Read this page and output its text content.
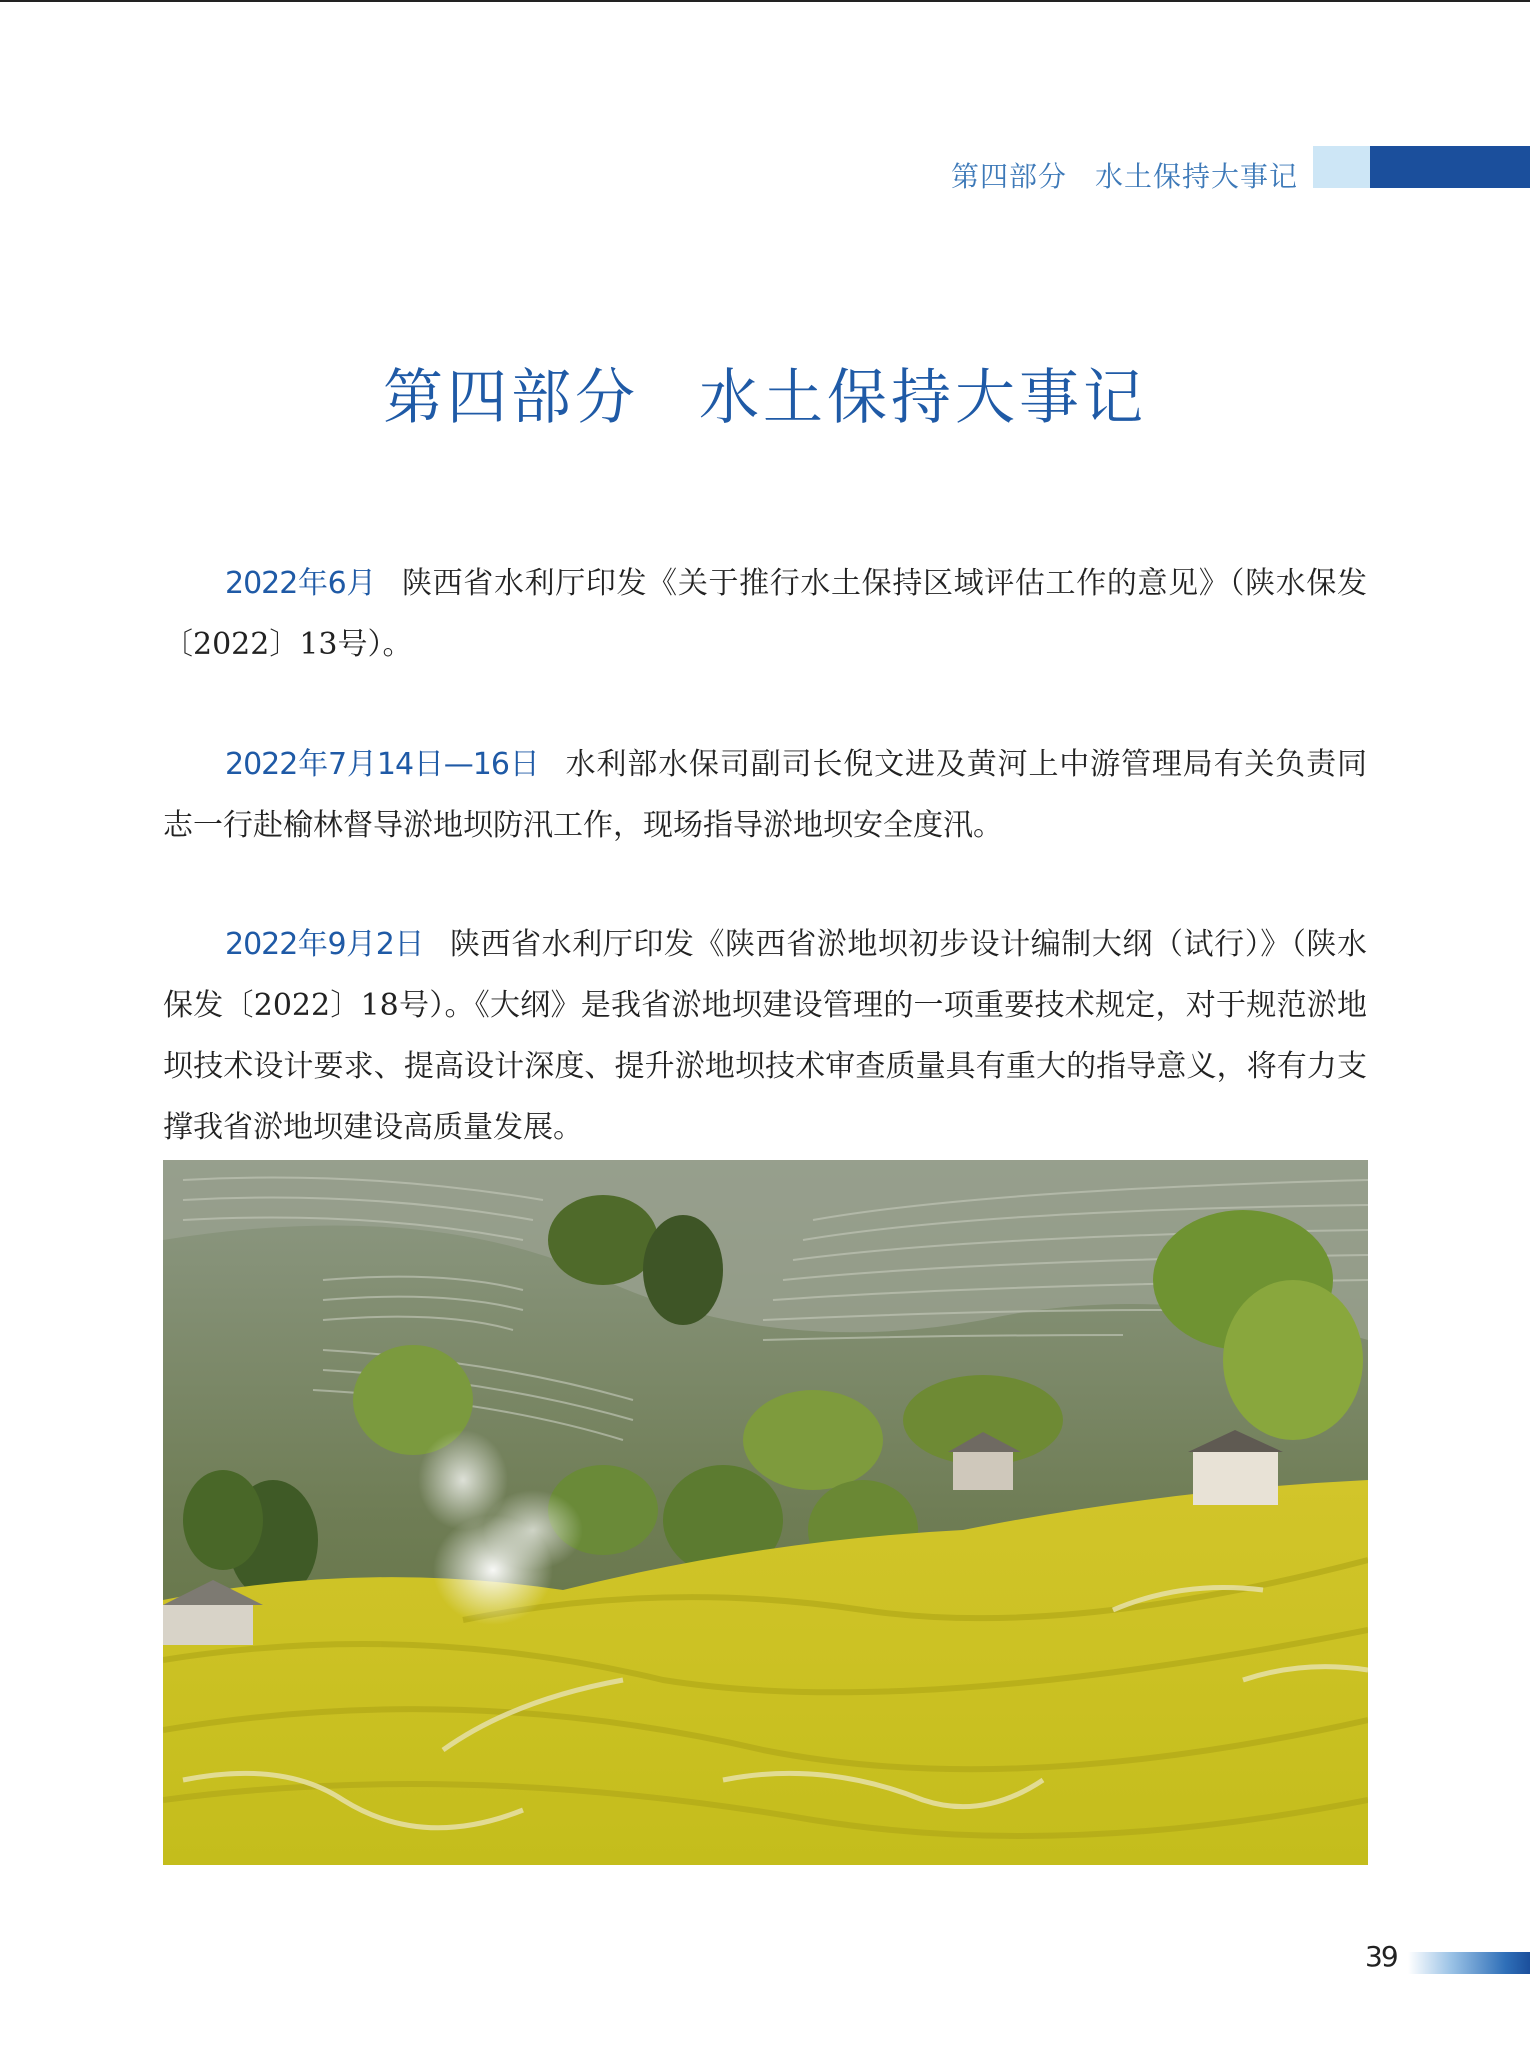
第四部分 水土保持大事记
第四部分 水土保持大事记

2022年6月 陕西省水利厅印发《关于推行水土保持区域评估工作的意见》（陕水保发〔2022〕13号）。

2022年7月14日—16日 水利部水保司副司长倪文进及黄河上中游管理局有关负责同志一行赴榆林督导淤地坝防汛工作，现场指导淤地坝安全度汛。

2022年9月2日 陕西省水利厅印发《陕西省淤地坝初步设计编制大纲（试行）》（陕水保发〔2022〕18号）。《大纲》是我省淤地坝建设管理的一项重要技术规定，对于规范淤地坝技术设计要求、提高设计深度、提升淤地坝技术审查质量具有重大的指导意义，将有力支撑我省淤地坝建设高质量发展。

39
